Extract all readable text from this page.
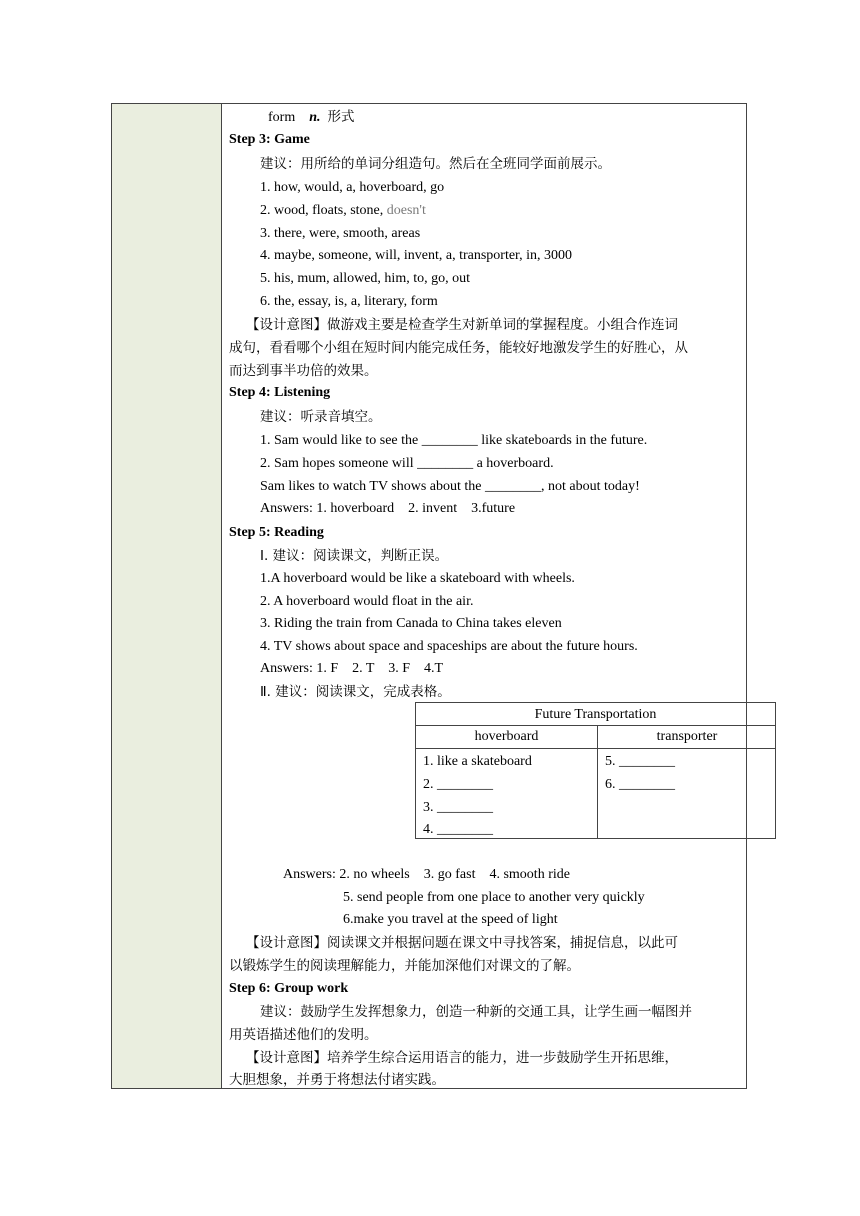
form n. 形式
Step 3: Game
建议：用所给的单词分组造句。然后在全班同学面前展示。
1. how, would, a, hoverboard, go
2. wood, floats, stone, doesn't
3. there, were, smooth, areas
4. maybe, someone, will, invent, a, transporter, in, 3000
5. his, mum, allowed, him, to, go, out
6. the, essay, is, a, literary, form
【设计意图】做游戏主要是检查学生对新单词的掌握程度。小组合作连词
成句，看看哪个小组在短时间内能完成任务，能较好地激发学生的好胜心，从
而达到事半功倍的效果。
Step 4: Listening
建议：听录音填空。
1. Sam would like to see the ________ like skateboards in the future.
2. Sam hopes someone will ________ a hoverboard.
Sam likes to watch TV shows about the ________, not about today!
Answers: 1. hoverboard    2. invent    3.future
Step 5: Reading
Ⅰ. 建议：阅读课文，判断正误。
1.A hoverboard would be like a skateboard with wheels.
2. A hoverboard would float in the air.
3. Riding the train from Canada to China takes eleven
4. TV shows about space and spaceships are about the future hours.
Answers: 1. F    2. T    3. F    4.T
Ⅱ. 建议：阅读课文，完成表格。
Future Transportation
hoverboard	transporter
1. like a skateboard
2. ________
3. ________
4. ________
5. ________
6. ________
Answers: 2. no wheels    3. go fast    4. smooth ride
5. send people from one place to another very quickly
6.make you travel at the speed of light
【设计意图】阅读课文并根据问题在课文中寻找答案，捕捉信息，以此可
以锻炼学生的阅读理解能力，并能加深他们对课文的了解。
Step 6: Group work
建议：鼓励学生发挥想象力，创造一种新的交通工具，让学生画一幅图并
用英语描述他们的发明。
【设计意图】培养学生综合运用语言的能力，进一步鼓励学生开拓思维，
大胆想象，并勇于将想法付诸实践。
